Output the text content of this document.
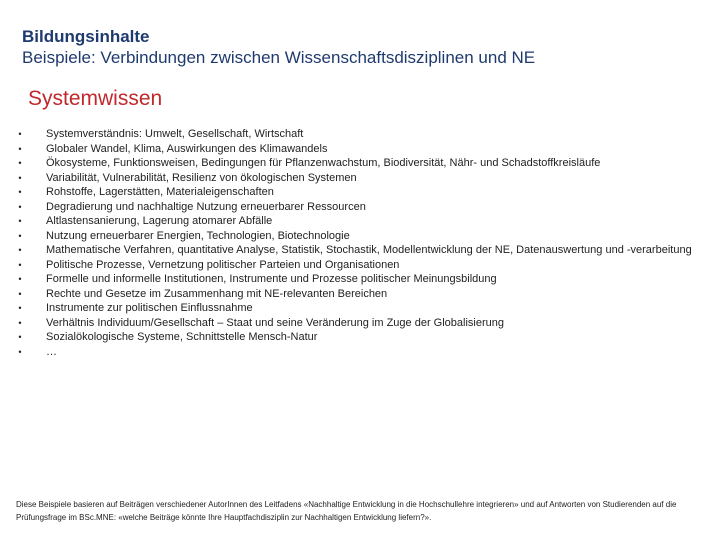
Bildungsinhalte
Beispiele: Verbindungen zwischen Wissenschaftsdisziplinen und NE
Systemwissen
• Systemverständnis: Umwelt, Gesellschaft, Wirtschaft
• Globaler Wandel, Klima, Auswirkungen des Klimawandels
• Ökosysteme, Funktionsweisen, Bedingungen für Pflanzenwachstum, Biodiversität, Nähr- und Schadstoffkreisläufe
• Variabilität, Vulnerabilität, Resilienz von ökologischen Systemen
• Rohstoffe, Lagerstätten, Materialeigenschaften
• Degradierung und nachhaltige Nutzung erneuerbarer Ressourcen
• Altlastensanierung, Lagerung atomarer Abfälle
• Nutzung erneuerbarer Energien, Technologien, Biotechnologie
• Mathematische Verfahren, quantitative Analyse, Statistik, Stochastik, Modellentwicklung der NE, Datenauswertung und -verarbeitung
• Politische Prozesse, Vernetzung politischer Parteien und Organisationen
• Formelle und informelle Institutionen, Instrumente und Prozesse politischer Meinungsbildung
• Rechte und Gesetze im Zusammenhang mit NE-relevanten Bereichen
• Instrumente zur politischen Einflussnahme
• Verhältnis Individuum/Gesellschaft – Staat und seine Veränderung im Zuge der Globalisierung
• Sozialökologische Systeme, Schnittstelle Mensch-Natur
• …
Diese Beispiele basieren auf Beiträgen verschiedener AutorInnen des Leitfadens «Nachhaltige Entwicklung in die Hochschullehre integrieren» und auf Antworten von Studierenden auf die Prüfungsfrage im BSc.MNE: «welche Beiträge könnte Ihre Hauptfachdisziplin zur Nachhaltigen Entwicklung liefern?».
